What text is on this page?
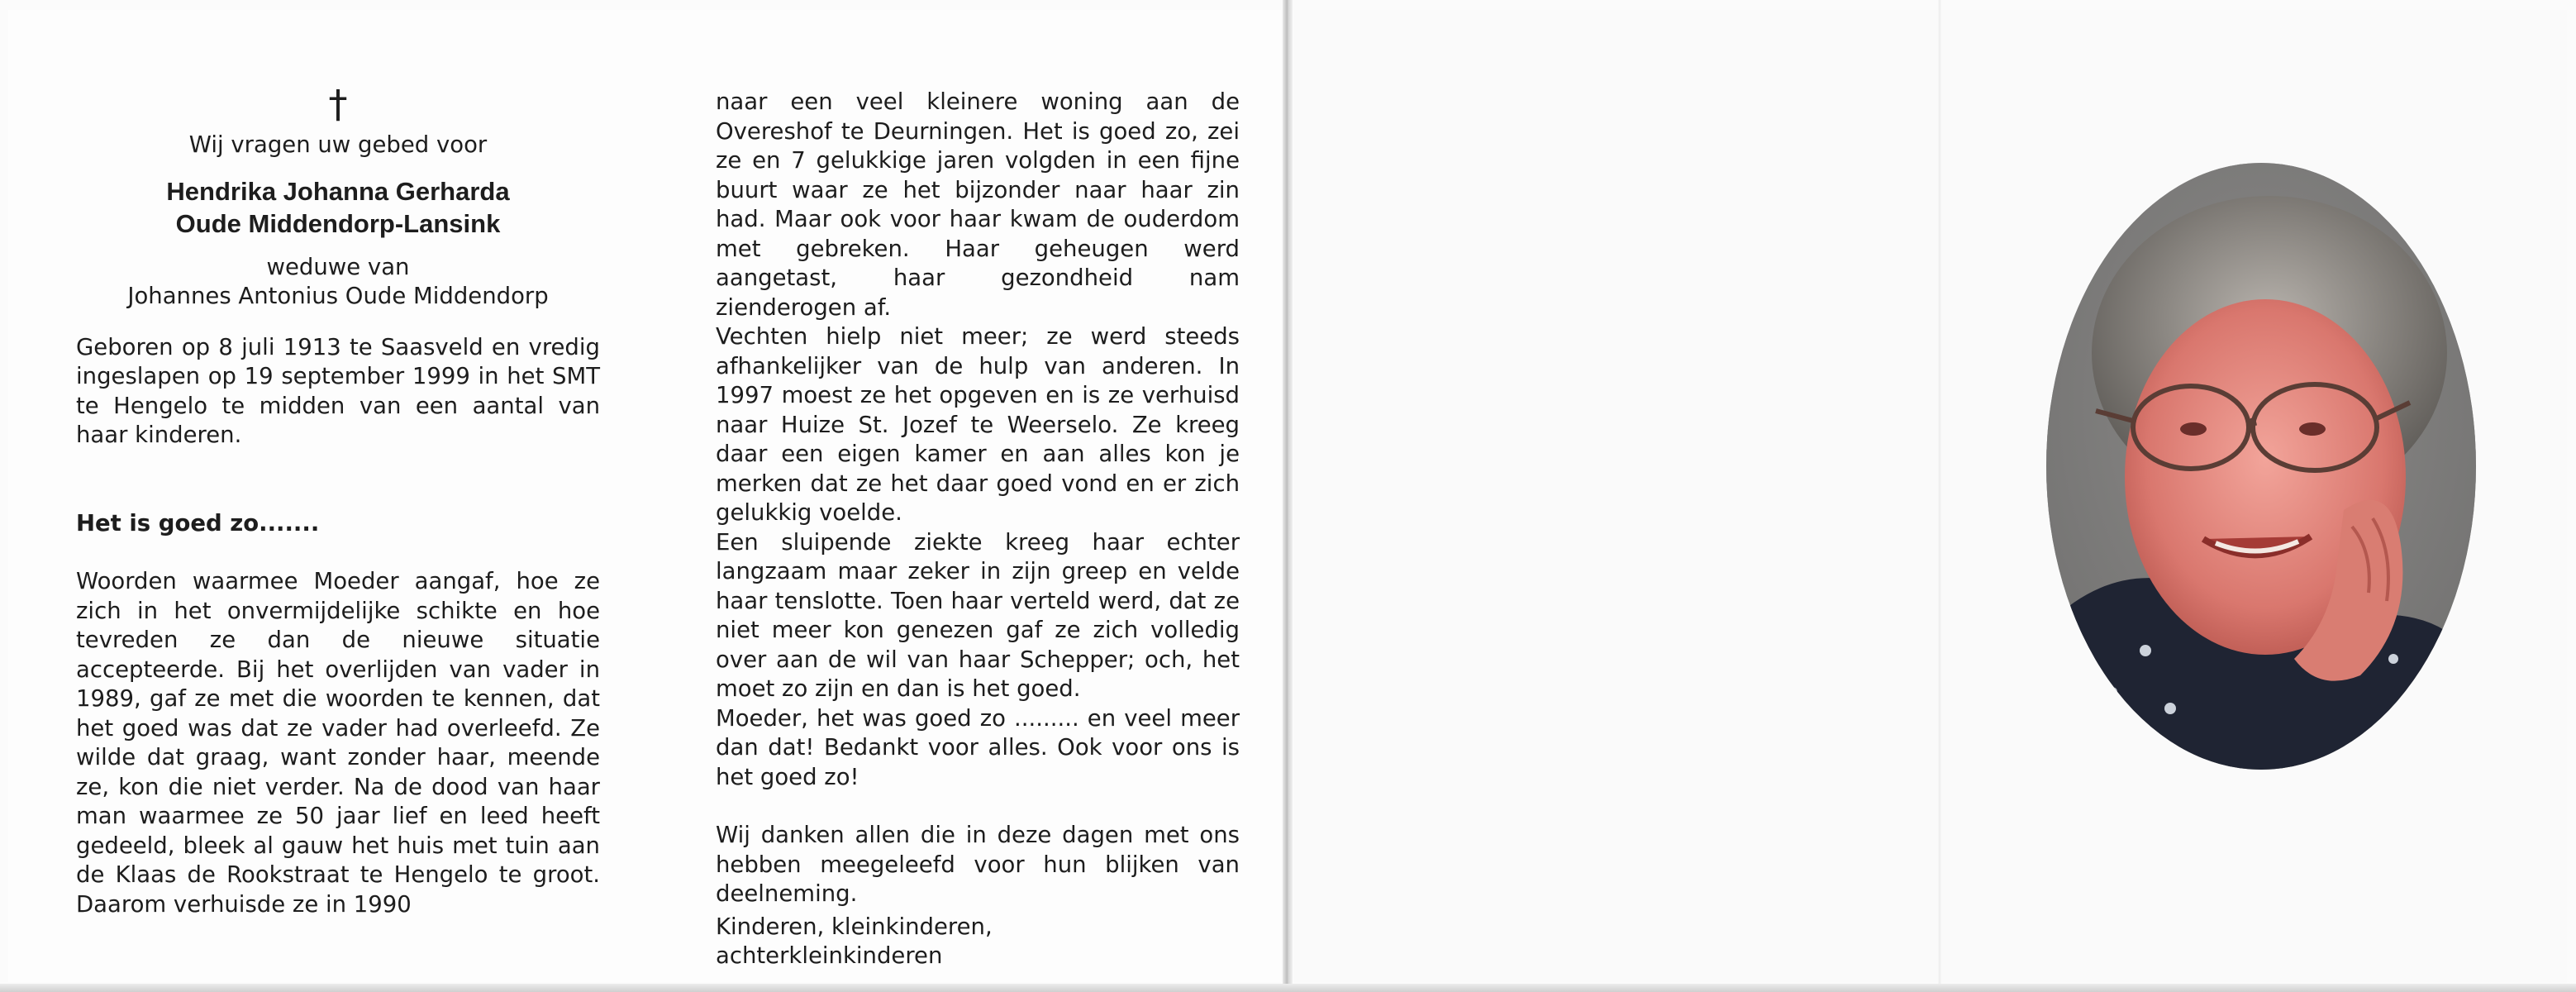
†
Wij vragen uw gebed voor
Hendrika Johanna Gerharda
Oude Middendorp-Lansink
weduwe van
Johannes Antonius Oude Middendorp

Geboren op 8 juli 1913 te Saasveld en vredig ingeslapen op 19 september 1999 in het SMT te Hengelo te midden van een aantal van haar kinderen.

Het is goed zo.......

Woorden waarmee Moeder aangaf, hoe ze zich in het onvermijdelijke schikte en hoe tevreden ze dan de nieuwe situatie accepteerde. Bij het overlijden van vader in 1989, gaf ze met die woorden te kennen, dat het goed was dat ze vader had overleefd. Ze wilde dat graag, want zonder haar, meende ze, kon die niet verder. Na de dood van haar man waarmee ze 50 jaar lief en leed heeft gedeeld, bleek al gauw het huis met tuin aan de Klaas de Rookstraat te Hengelo te groot. Daarom verhuisde ze in 1990

naar een veel kleinere woning aan de Overeshof te Deurningen. Het is goed zo, zei ze en 7 gelukkige jaren volgden in een fijne buurt waar ze het bijzonder naar haar zin had. Maar ook voor haar kwam de ouderdom met gebreken. Haar geheugen werd aangetast, haar gezondheid nam zienderogen af.

Vechten hielp niet meer; ze werd steeds afhankelijker van de hulp van anderen. In 1997 moest ze het opgeven en is ze verhuisd naar Huize St. Jozef te Weerselo. Ze kreeg daar een eigen kamer en aan alles kon je merken dat ze het daar goed vond en er zich gelukkig voelde.

Een sluipende ziekte kreeg haar echter langzaam maar zeker in zijn greep en velde haar tenslotte. Toen haar verteld werd, dat ze niet meer kon genezen gaf ze zich volledig over aan de wil van haar Schepper; och, het moet zo zijn en dan is het goed.

Moeder, het was goed zo ......... en veel meer dan dat! Bedankt voor alles. Ook voor ons is het goed zo!

Wij danken allen die in deze dagen met ons hebben meegeleefd voor hun blijken van deelneming.

Kinderen, kleinkinderen,

achterkleinkinderen
